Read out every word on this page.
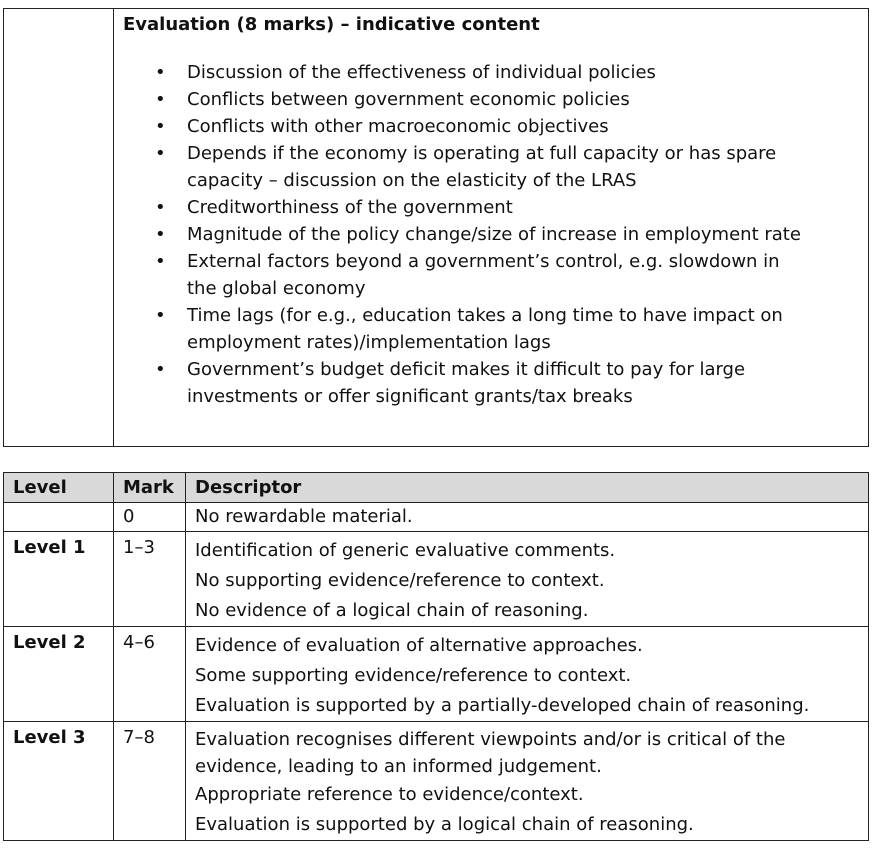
Evaluation (8 marks) – indicative content

• Discussion of the effectiveness of individual policies
• Conflicts between government economic policies
• Conflicts with other macroeconomic objectives
• Depends if the economy is operating at full capacity or has spare capacity – discussion on the elasticity of the LRAS
• Creditworthiness of the government
• Magnitude of the policy change/size of increase in employment rate
• External factors beyond a government’s control, e.g. slowdown in the global economy
• Time lags (for e.g., education takes a long time to have impact on employment rates)/implementation lags
• Government’s budget deficit makes it difficult to pay for large investments or offer significant grants/tax breaks
Level	Mark	Descriptor
	0	No rewardable material.
Level 1	1–3	Identification of generic evaluative comments.
No supporting evidence/reference to context.
No evidence of a logical chain of reasoning.

Level 2	4–6	Evidence of evaluation of alternative approaches.
Some supporting evidence/reference to context.
Evaluation is supported by a partially-developed chain of reasoning.

Level 3	7–8	Evaluation recognises different viewpoints and/or is critical of the evidence, leading to an informed judgement.
Appropriate reference to evidence/context.
Evaluation is supported by a logical chain of reasoning.
